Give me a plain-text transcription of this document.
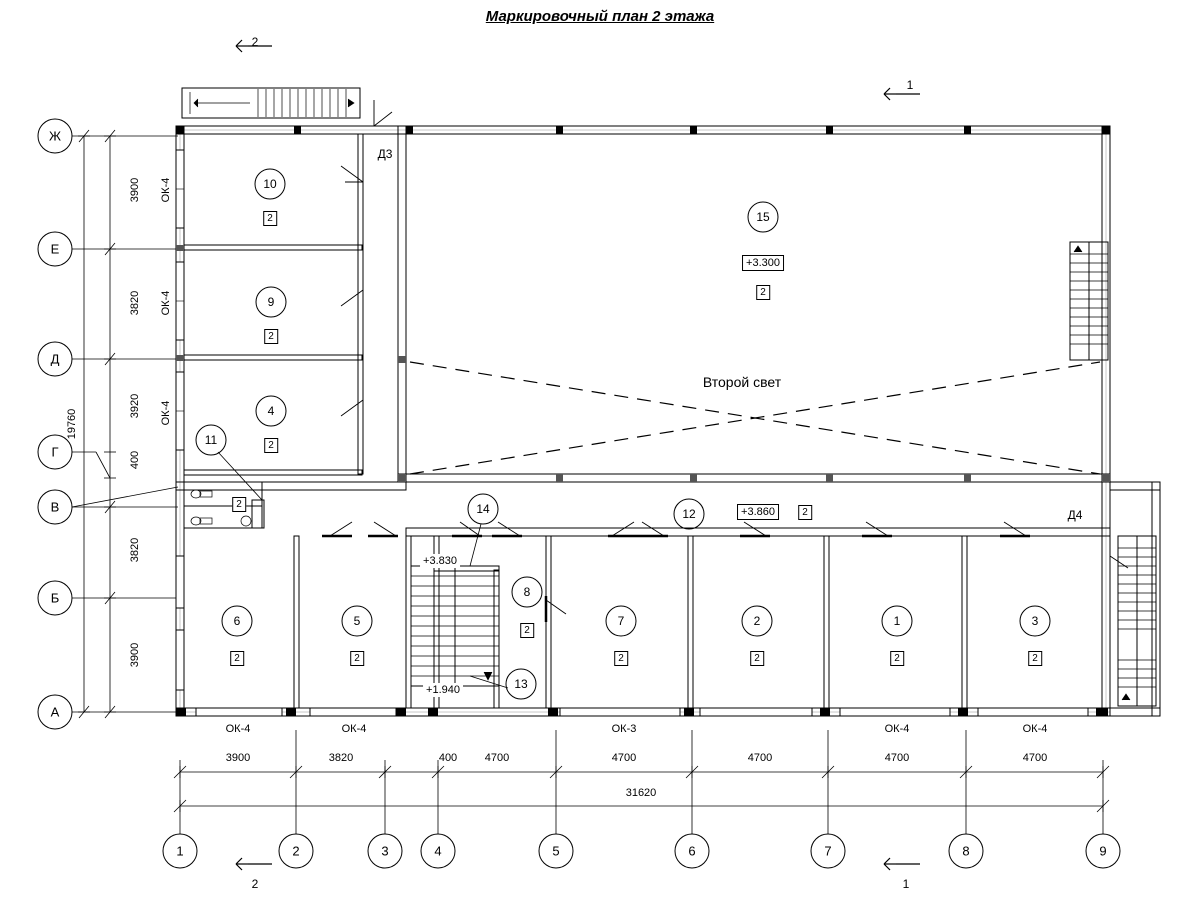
Маркировочный план 2 этажа
Ж
Е
Д
Г
В
Б
А
1	2	3	4	5	6	7	8	9
3900
3820
3920
400
3820
3900
19760
3900	3820	400	4700	4700	4700	4700	4700
31620
ОК-4
ОК-4
ОК-4
ОК-4	ОК-4	ОК-3	ОК-4	ОК-4
Д3
Д4
2
1
2	1
10
9
4
11
6	5
8
7	2	1	3
15
12
14
13
2
2
2
2
2	2
2
2	2	2	2
2
2
+3.300
+3.860
+3.830
+1.940
Второй свет
